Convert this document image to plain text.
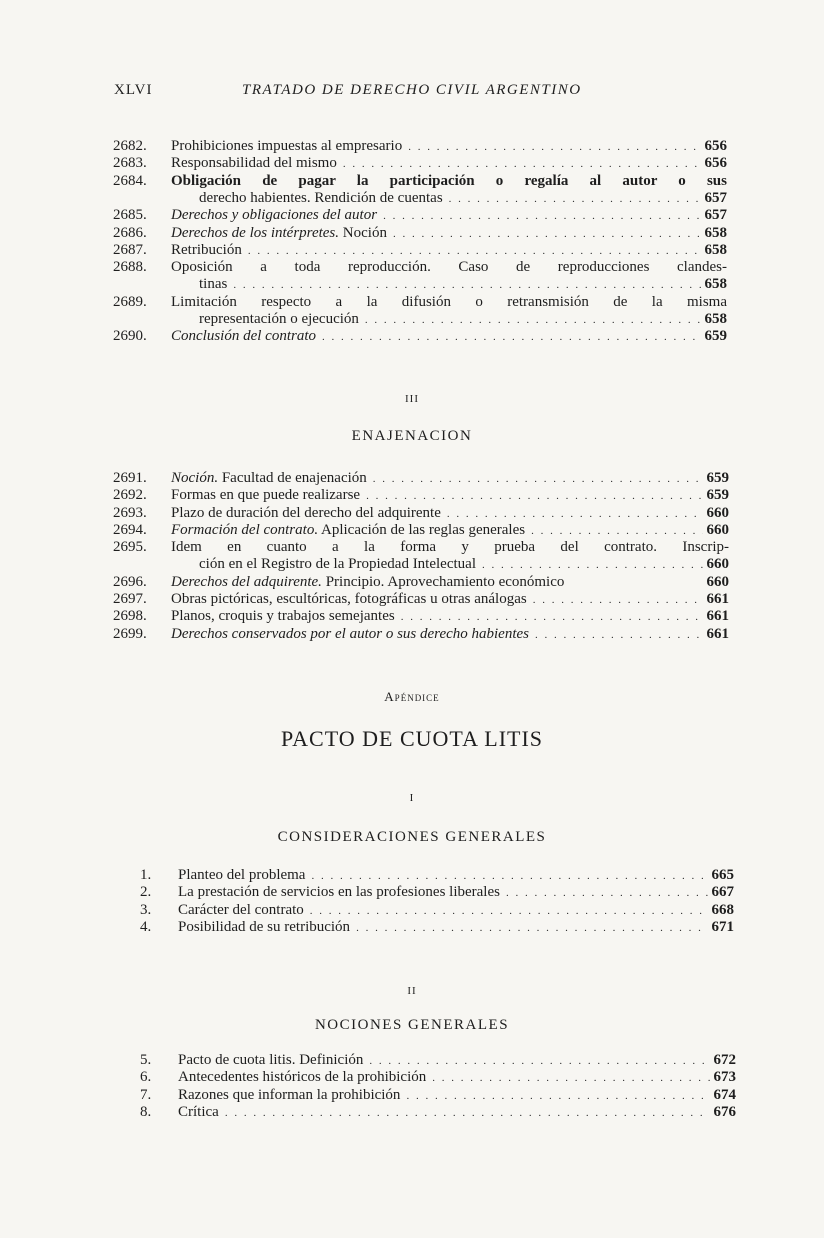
XLVI	TRATADO DE DERECHO CIVIL ARGENTINO
2682. Prohibiciones impuestas al empresario . . .	656
2683. Responsabilidad del mismo . . .	656
2684. Obligación de pagar la participación o regalía al autor o sus
derecho habientes. Rendición de cuentas . . .	657
2685. Derechos y obligaciones del autor . . .	657
2686. Derechos de los intérpretes. Noción . . .	658
2687. Retribución . . .	658
2688. Oposición a toda reproducción. Caso de reproducciones clandes-
tinas . . .	658
2689. Limitación respecto a la difusión o retransmisión de la misma
representación o ejecución . . .	658
2690. Conclusión del contrato . . .	659
III
ENAJENACION
2691. Noción. Facultad de enajenación . . .	659
2692. Formas en que puede realizarse . . .	659
2693. Plazo de duración del derecho del adquirente . . .	660
2694. Formación del contrato. Aplicación de las reglas generales . . .	660
2695. Idem en cuanto a la forma y prueba del contrato. Inscrip-
ción en el Registro de la Propiedad Intelectual . . .	660
2696. Derechos del adquirente. Principio. Aprovechamiento económico	660
2697. Obras pictóricas, escultóricas, fotográficas u otras análogas . . .	661
2698. Planos, croquis y trabajos semejantes . . .	661
2699. Derechos conservados por el autor o sus derecho habientes . . .	661
Apéndice
PACTO DE CUOTA LITIS
I
CONSIDERACIONES GENERALES
1. Planteo del problema . . .	665
2. La prestación de servicios en las profesiones liberales . . .	667
3. Carácter del contrato . . .	668
4. Posibilidad de su retribución . . .	671
II
NOCIONES GENERALES
5. Pacto de cuota litis. Definición . . .	672
6. Antecedentes históricos de la prohibición . . .	673
7. Razones que informan la prohibición . . .	674
8. Crítica . . .	676
